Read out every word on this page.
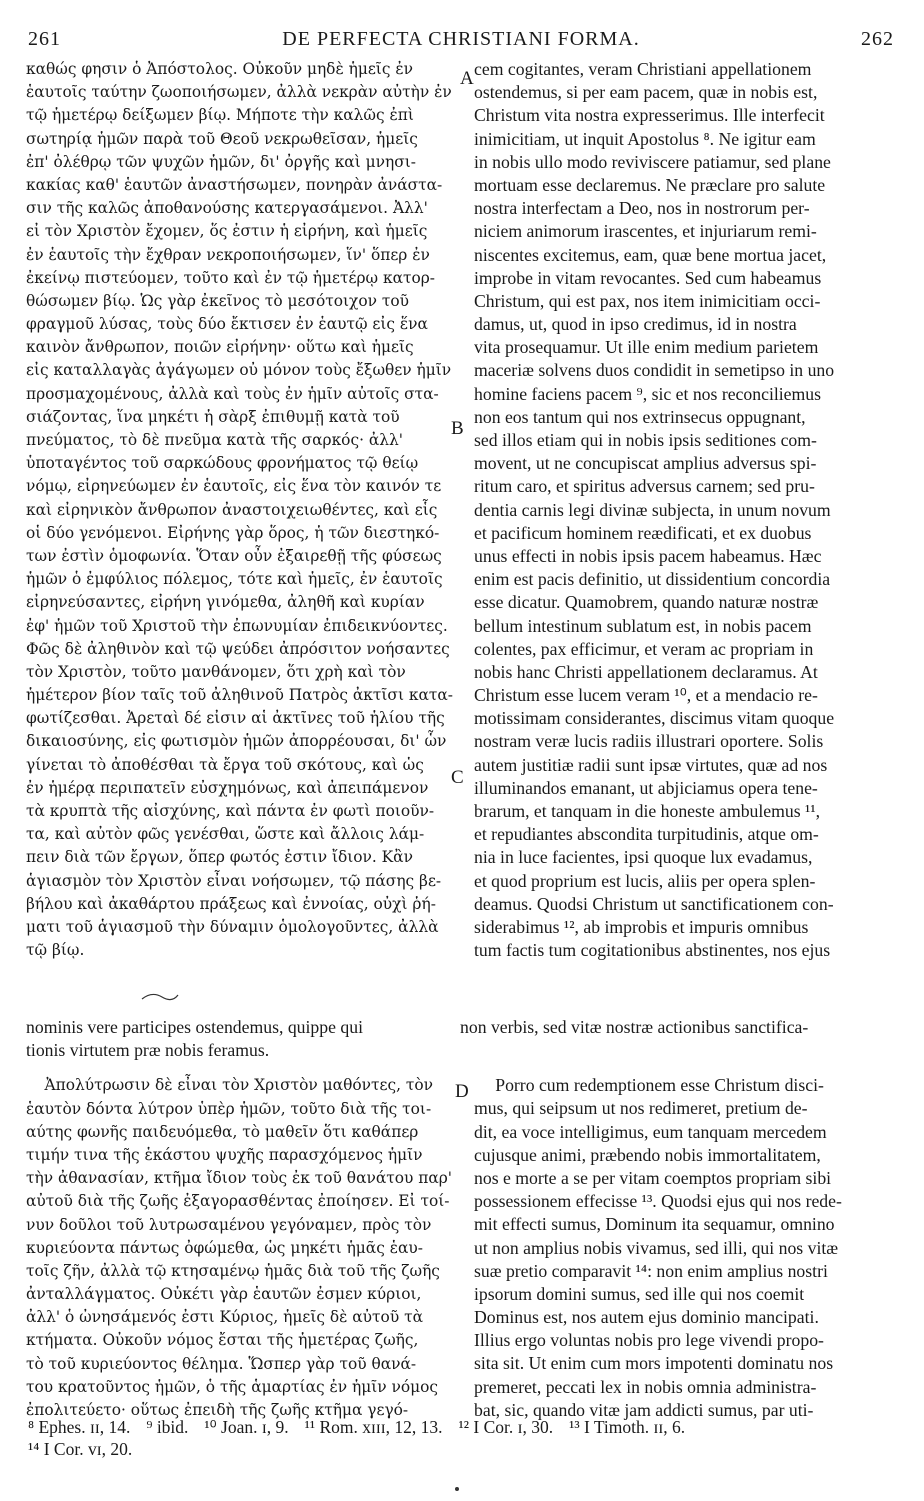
261	DE PERFECTA CHRISTIANI FORMA.	262
καθώς φησιν ὁ Ἀπόστολος. Οὐκοῦν μηδὲ ἡμεῖς ἐν
ἑαυτοῖς ταύτην ζωοποιήσωμεν, ἀλλὰ νεκρὰν αὐτὴν ἐν
τῷ ἡμετέρῳ δείξωμεν βίῳ. Μήποτε τὴν καλῶς ἐπὶ
σωτηρίᾳ ἡμῶν παρὰ τοῦ Θεοῦ νεκρωθεῖσαν, ἡμεῖς
ἐπ' ὀλέθρῳ τῶν ψυχῶν ἡμῶν, δι' ὀργῆς καὶ μνησι-
κακίας καθ' ἑαυτῶν ἀναστήσωμεν, πονηρὰν ἀνάστα-
σιν τῆς καλῶς ἀποθανούσης κατεργασάμενοι. Ἀλλ'
εἰ τὸν Χριστὸν ἔχομεν, ὅς ἐστιν ἡ εἰρήνη, καὶ ἡμεῖς
ἐν ἑαυτοῖς τὴν ἔχθραν νεκροποιήσωμεν, ἵν' ὅπερ ἐν
ἐκείνῳ πιστεύομεν, τοῦτο καὶ ἐν τῷ ἡμετέρῳ κατορ-
θώσωμεν βίῳ. Ὡς γὰρ ἐκεῖνος τὸ μεσότοιχον τοῦ
φραγμοῦ λύσας, τοὺς δύο ἔκτισεν ἐν ἑαυτῷ εἰς ἕνα
καινὸν ἄνθρωπον, ποιῶν εἰρήνην· οὕτω καὶ ἡμεῖς
εἰς καταλλαγὰς ἀγάγωμεν οὐ μόνον τοὺς ἔξωθεν ἡμῖν
προσμαχομένους, ἀλλὰ καὶ τοὺς ἐν ἡμῖν αὐτοῖς στα-
σιάζοντας, ἵνα μηκέτι ἡ σὰρξ ἐπιθυμῇ κατὰ τοῦ
πνεύματος, τὸ δὲ πνεῦμα κατὰ τῆς σαρκός· ἀλλ'
ὑποταγέντος τοῦ σαρκώδους φρονήματος τῷ θείῳ
νόμῳ, εἰρηνεύωμεν ἐν ἑαυτοῖς, εἰς ἕνα τὸν καινόν τε
καὶ εἰρηνικὸν ἄνθρωπον ἀναστοιχειωθέντες, καὶ εἷς
οἱ δύο γενόμενοι. Εἰρήνης γὰρ ὅρος, ἡ τῶν διεστηκό-
των ἐστὶν ὁμοφωνία. Ὅταν οὖν ἐξαιρεθῇ τῆς φύσεως
ἡμῶν ὁ ἐμφύλιος πόλεμος, τότε καὶ ἡμεῖς, ἐν ἑαυτοῖς
εἰρηνεύσαντες, εἰρήνη γινόμεθα, ἀληθῆ καὶ κυρίαν
ἐφ' ἡμῶν τοῦ Χριστοῦ τὴν ἐπωνυμίαν ἐπιδεικνύοντες.
Φῶς δὲ ἀληθινὸν καὶ τῷ ψεύδει ἀπρόσιτον νοήσαντες
τὸν Χριστὸν, τοῦτο μανθάνομεν, ὅτι χρὴ καὶ τὸν
ἡμέτερον βίον ταῖς τοῦ ἀληθινοῦ Πατρὸς ἀκτῖσι κατα-
φωτίζεσθαι. Ἀρεταὶ δέ εἰσιν αἱ ἀκτῖνες τοῦ ἡλίου τῆς
δικαιοσύνης, εἰς φωτισμὸν ἡμῶν ἀπορρέουσαι, δι' ὧν
γίνεται τὸ ἀποθέσθαι τὰ ἔργα τοῦ σκότους, καὶ ὡς
ἐν ἡμέρᾳ περιπατεῖν εὐσχημόνως, καὶ ἀπειπάμενον
τὰ κρυπτὰ τῆς αἰσχύνης, καὶ πάντα ἐν φωτὶ ποιοῦν-
τα, καὶ αὐτὸν φῶς γενέσθαι, ὥστε καὶ ἄλλοις λάμ-
πειν διὰ τῶν ἔργων, ὅπερ φωτός ἐστιν ἴδιον. Κἂν
ἁγιασμὸν τὸν Χριστὸν εἶναι νοήσωμεν, τῷ πάσης βε-
βήλου καὶ ἀκαθάρτου πράξεως καὶ ἐννοίας, οὐχὶ ῥή-
ματι τοῦ ἁγιασμοῦ τὴν δύναμιν ὁμολογοῦντες, ἀλλὰ
τῷ βίῳ.
cem cogitantes, veram Christiani appellationem
ostendemus, si per eam pacem, quæ in nobis est,
Christum vita nostra expresserimus. Ille interfecit
inimicitiam, ut inquit Apostolus ⁸. Ne igitur eam
in nobis ullo modo reviviscere patiamur, sed plane
mortuam esse declaremus. Ne præclare pro salute
nostra interfectam a Deo, nos in nostrorum per-
niciem animorum irascentes, et injuriarum remi-
niscentes excitemus, eam, quæ bene mortua jacet,
improbe in vitam revocantes. Sed cum habeamus
Christum, qui est pax, nos item inimicitiam occi-
damus, ut, quod in ipso credimus, id in nostra
vita prosequamur. Ut ille enim medium parietem
maceriæ solvens duos condidit in semetipso in uno
homine faciens pacem ⁹, sic et nos reconciliemus
non eos tantum qui nos extrinsecus oppugnant,
sed illos etiam qui in nobis ipsis seditiones com-
movent, ut ne concupiscat amplius adversus spi-
ritum caro, et spiritus adversus carnem; sed pru-
dentia carnis legi divinæ subjecta, in unum novum
et pacificum hominem reædificati, et ex duobus
unus effecti in nobis ipsis pacem habeamus. Hæc
enim est pacis definitio, ut dissidentium concordia
esse dicatur. Quamobrem, quando naturæ nostræ
bellum intestinum sublatum est, in nobis pacem
colentes, pax efficimur, et veram ac propriam in
nobis hanc Christi appellationem declaramus. At
Christum esse lucem veram ¹⁰, et a mendacio re-
motissimam considerantes, discimus vitam quoque
nostram veræ lucis radiis illustrari oportere. Solis
autem justitiæ radii sunt ipsæ virtutes, quæ ad nos
illuminandos emanant, ut abjiciamus opera tene-
brarum, et tanquam in die honeste ambulemus ¹¹,
et repudiantes abscondita turpitudinis, atque om-
nia in luce facientes, ipsi quoque lux evadamus,
et quod proprium est lucis, aliis per opera splen-
deamus. Quodsi Christum ut sanctificationem con-
siderabimus ¹², ab improbis et impuris omnibus
tum factis tum cogitationibus abstinentes, nos ejus
A
B
C
D
nominis vere participes ostendemus, quippe qui
tionis virtutem præ nobis feramus.
Ἀπολύτρωσιν δὲ εἶναι τὸν Χριστὸν μαθόντες, τὸν
ἑαυτὸν δόντα λύτρον ὑπὲρ ἡμῶν, τοῦτο διὰ τῆς τοι-
αύτης φωνῆς παιδευόμεθα, τὸ μαθεῖν ὅτι καθάπερ
τιμήν τινα τῆς ἑκάστου ψυχῆς παρασχόμενος ἡμῖν
τὴν ἀθανασίαν, κτῆμα ἴδιον τοὺς ἐκ τοῦ θανάτου παρ'
αὐτοῦ διὰ τῆς ζωῆς ἐξαγορασθέντας ἐποίησεν. Εἰ τοί-
νυν δοῦλοι τοῦ λυτρωσαμένου γεγόναμεν, πρὸς τὸν
κυριεύοντα πάντως ὀφώμεθα, ὡς μηκέτι ἡμᾶς ἑαυ-
τοῖς ζῆν, ἀλλὰ τῷ κτησαμένῳ ἡμᾶς διὰ τοῦ τῆς ζωῆς
ἀνταλλάγματος. Οὐκέτι γὰρ ἑαυτῶν ἐσμεν κύριοι,
ἀλλ' ὁ ὠνησάμενός ἐστι Κύριος, ἡμεῖς δὲ αὐτοῦ τὰ
κτήματα. Οὐκοῦν νόμος ἔσται τῆς ἡμετέρας ζωῆς,
τὸ τοῦ κυριεύοντος θέλημα. Ὥσπερ γὰρ τοῦ θανά-
του κρατοῦντος ἡμῶν, ὁ τῆς ἁμαρτίας ἐν ἡμῖν νόμος
ἐπολιτεύετο· οὕτως ἐπειδὴ τῆς ζωῆς κτῆμα γεγό-
non verbis, sed vitæ nostræ actionibus sanctifica-
Porro cum redemptionem esse Christum disci-
mus, qui seipsum ut nos redimeret, pretium de-
dit, ea voce intelligimus, eum tanquam mercedem
cujusque animi, præbendo nobis immortalitatem,
nos e morte a se per vitam coemptos propriam sibi
possessionem effecisse ¹³. Quodsi ejus qui nos rede-
mit effecti sumus, Dominum ita sequamur, omnino
ut non amplius nobis vivamus, sed illi, qui nos vitæ
suæ pretio comparavit ¹⁴: non enim amplius nostri
ipsorum domini sumus, sed ille qui nos coemit
Dominus est, nos autem ejus dominio mancipati.
Illius ergo voluntas nobis pro lege vivendi propo-
sita sit. Ut enim cum mors impotenti dominatu nos
premeret, peccati lex in nobis omnia administra-
bat, sic, quando vitæ jam addicti sumus, par uti-
⁸ Ephes. ɪɪ, 14. ⁹ ibid. ¹⁰ Joan. ɪ, 9. ¹¹ Rom. xɪɪɪ, 12, 13. ¹² I Cor. ɪ, 30. ¹³ I Timoth. ɪɪ, 6.
¹⁴ I Cor. vɪ, 20.
